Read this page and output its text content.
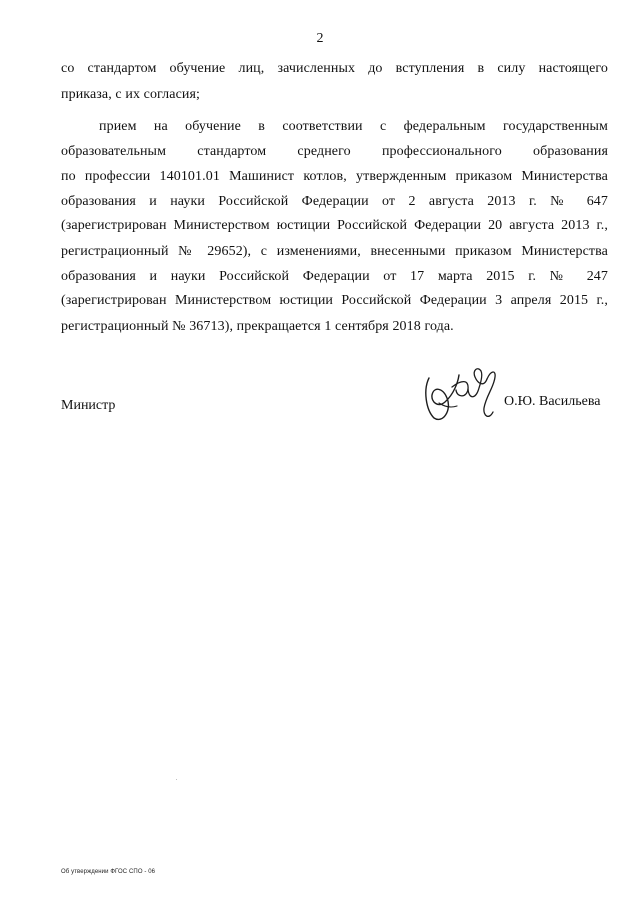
2
со стандартом обучение лиц, зачисленных до вступления в силу настоящего
приказа, с их согласия;
прием на обучение в соответствии с федеральным государственным
образовательным стандартом среднего профессионального образования
по профессии 140101.01 Машинист котлов, утвержденным приказом Министерства
образования и науки Российской Федерации от 2 августа 2013 г. № 647
(зарегистрирован Министерством юстиции Российской Федерации 20 августа 2013 г.,
регистрационный № 29652), с изменениями, внесенными приказом Министерства
образования и науки Российской Федерации от 17 марта 2015 г. № 247
(зарегистрирован Министерством юстиции Российской Федерации 3 апреля 2015 г.,
регистрационный № 36713), прекращается 1 сентября 2018 года.
Министр	О.Ю. Васильева
Об утверждении ФГОС СПО - 06
